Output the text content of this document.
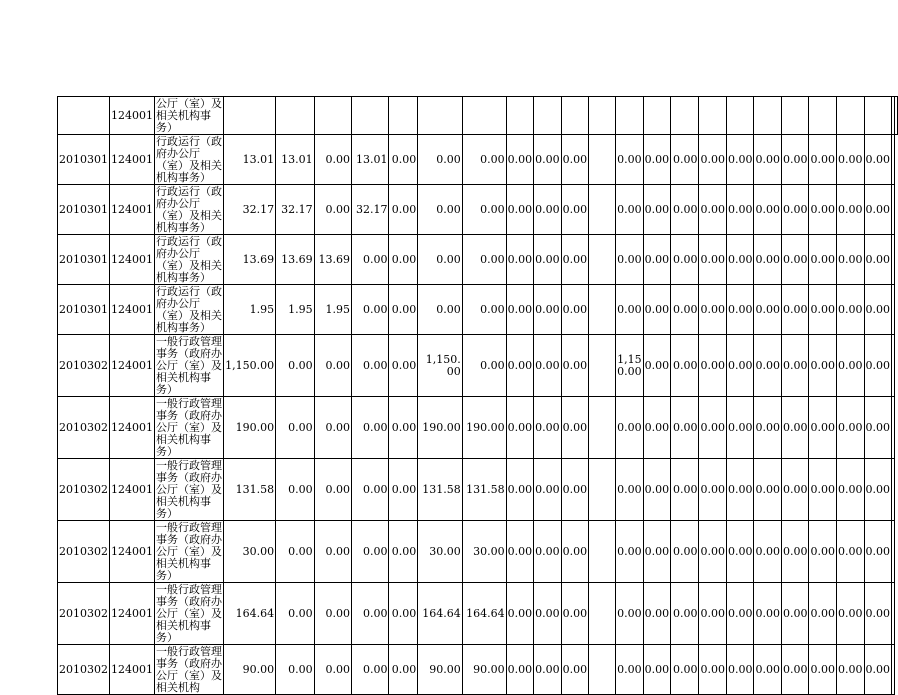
	124001	公厅（室）及相关机构事务）																							
2010301	124001	行政运行（政府办公厅（室）及相关机构事务）	13.01	13.01	0.00	13.01	0.00	0.00	0.00	0.00	0.00	0.00		0.00	0.00	0.00	0.00	0.00	0.00	0.00	0.00	0.00	0.00		
2010301	124001	行政运行（政府办公厅（室）及相关机构事务）	32.17	32.17	0.00	32.17	0.00	0.00	0.00	0.00	0.00	0.00		0.00	0.00	0.00	0.00	0.00	0.00	0.00	0.00	0.00	0.00		
2010301	124001	行政运行（政府办公厅（室）及相关机构事务）	13.69	13.69	13.69	0.00	0.00	0.00	0.00	0.00	0.00	0.00		0.00	0.00	0.00	0.00	0.00	0.00	0.00	0.00	0.00	0.00		
2010301	124001	行政运行（政府办公厅（室）及相关机构事务）	1.95	1.95	1.95	0.00	0.00	0.00	0.00	0.00	0.00	0.00		0.00	0.00	0.00	0.00	0.00	0.00	0.00	0.00	0.00	0.00		
2010302	124001	一般行政管理事务（政府办公厅（室）及相关机构事务）	1,150.00	0.00	0.00	0.00	0.00	1,150.00	0.00	0.00	0.00	0.00		1,150.00	0.00	0.00	0.00	0.00	0.00	0.00	0.00	0.00	0.00		
2010302	124001	一般行政管理事务（政府办公厅（室）及相关机构事务）	190.00	0.00	0.00	0.00	0.00	190.00	190.00	0.00	0.00	0.00		0.00	0.00	0.00	0.00	0.00	0.00	0.00	0.00	0.00	0.00		
2010302	124001	一般行政管理事务（政府办公厅（室）及相关机构事务）	131.58	0.00	0.00	0.00	0.00	131.58	131.58	0.00	0.00	0.00		0.00	0.00	0.00	0.00	0.00	0.00	0.00	0.00	0.00	0.00		
2010302	124001	一般行政管理事务（政府办公厅（室）及相关机构事务）	30.00	0.00	0.00	0.00	0.00	30.00	30.00	0.00	0.00	0.00		0.00	0.00	0.00	0.00	0.00	0.00	0.00	0.00	0.00	0.00		
2010302	124001	一般行政管理事务（政府办公厅（室）及相关机构事务）	164.64	0.00	0.00	0.00	0.00	164.64	164.64	0.00	0.00	0.00		0.00	0.00	0.00	0.00	0.00	0.00	0.00	0.00	0.00	0.00		
2010302	124001	一般行政管理事务（政府办公厅（室）及相关机构	90.00	0.00	0.00	0.00	0.00	90.00	90.00	0.00	0.00	0.00		0.00	0.00	0.00	0.00	0.00	0.00	0.00	0.00	0.00	0.00		
